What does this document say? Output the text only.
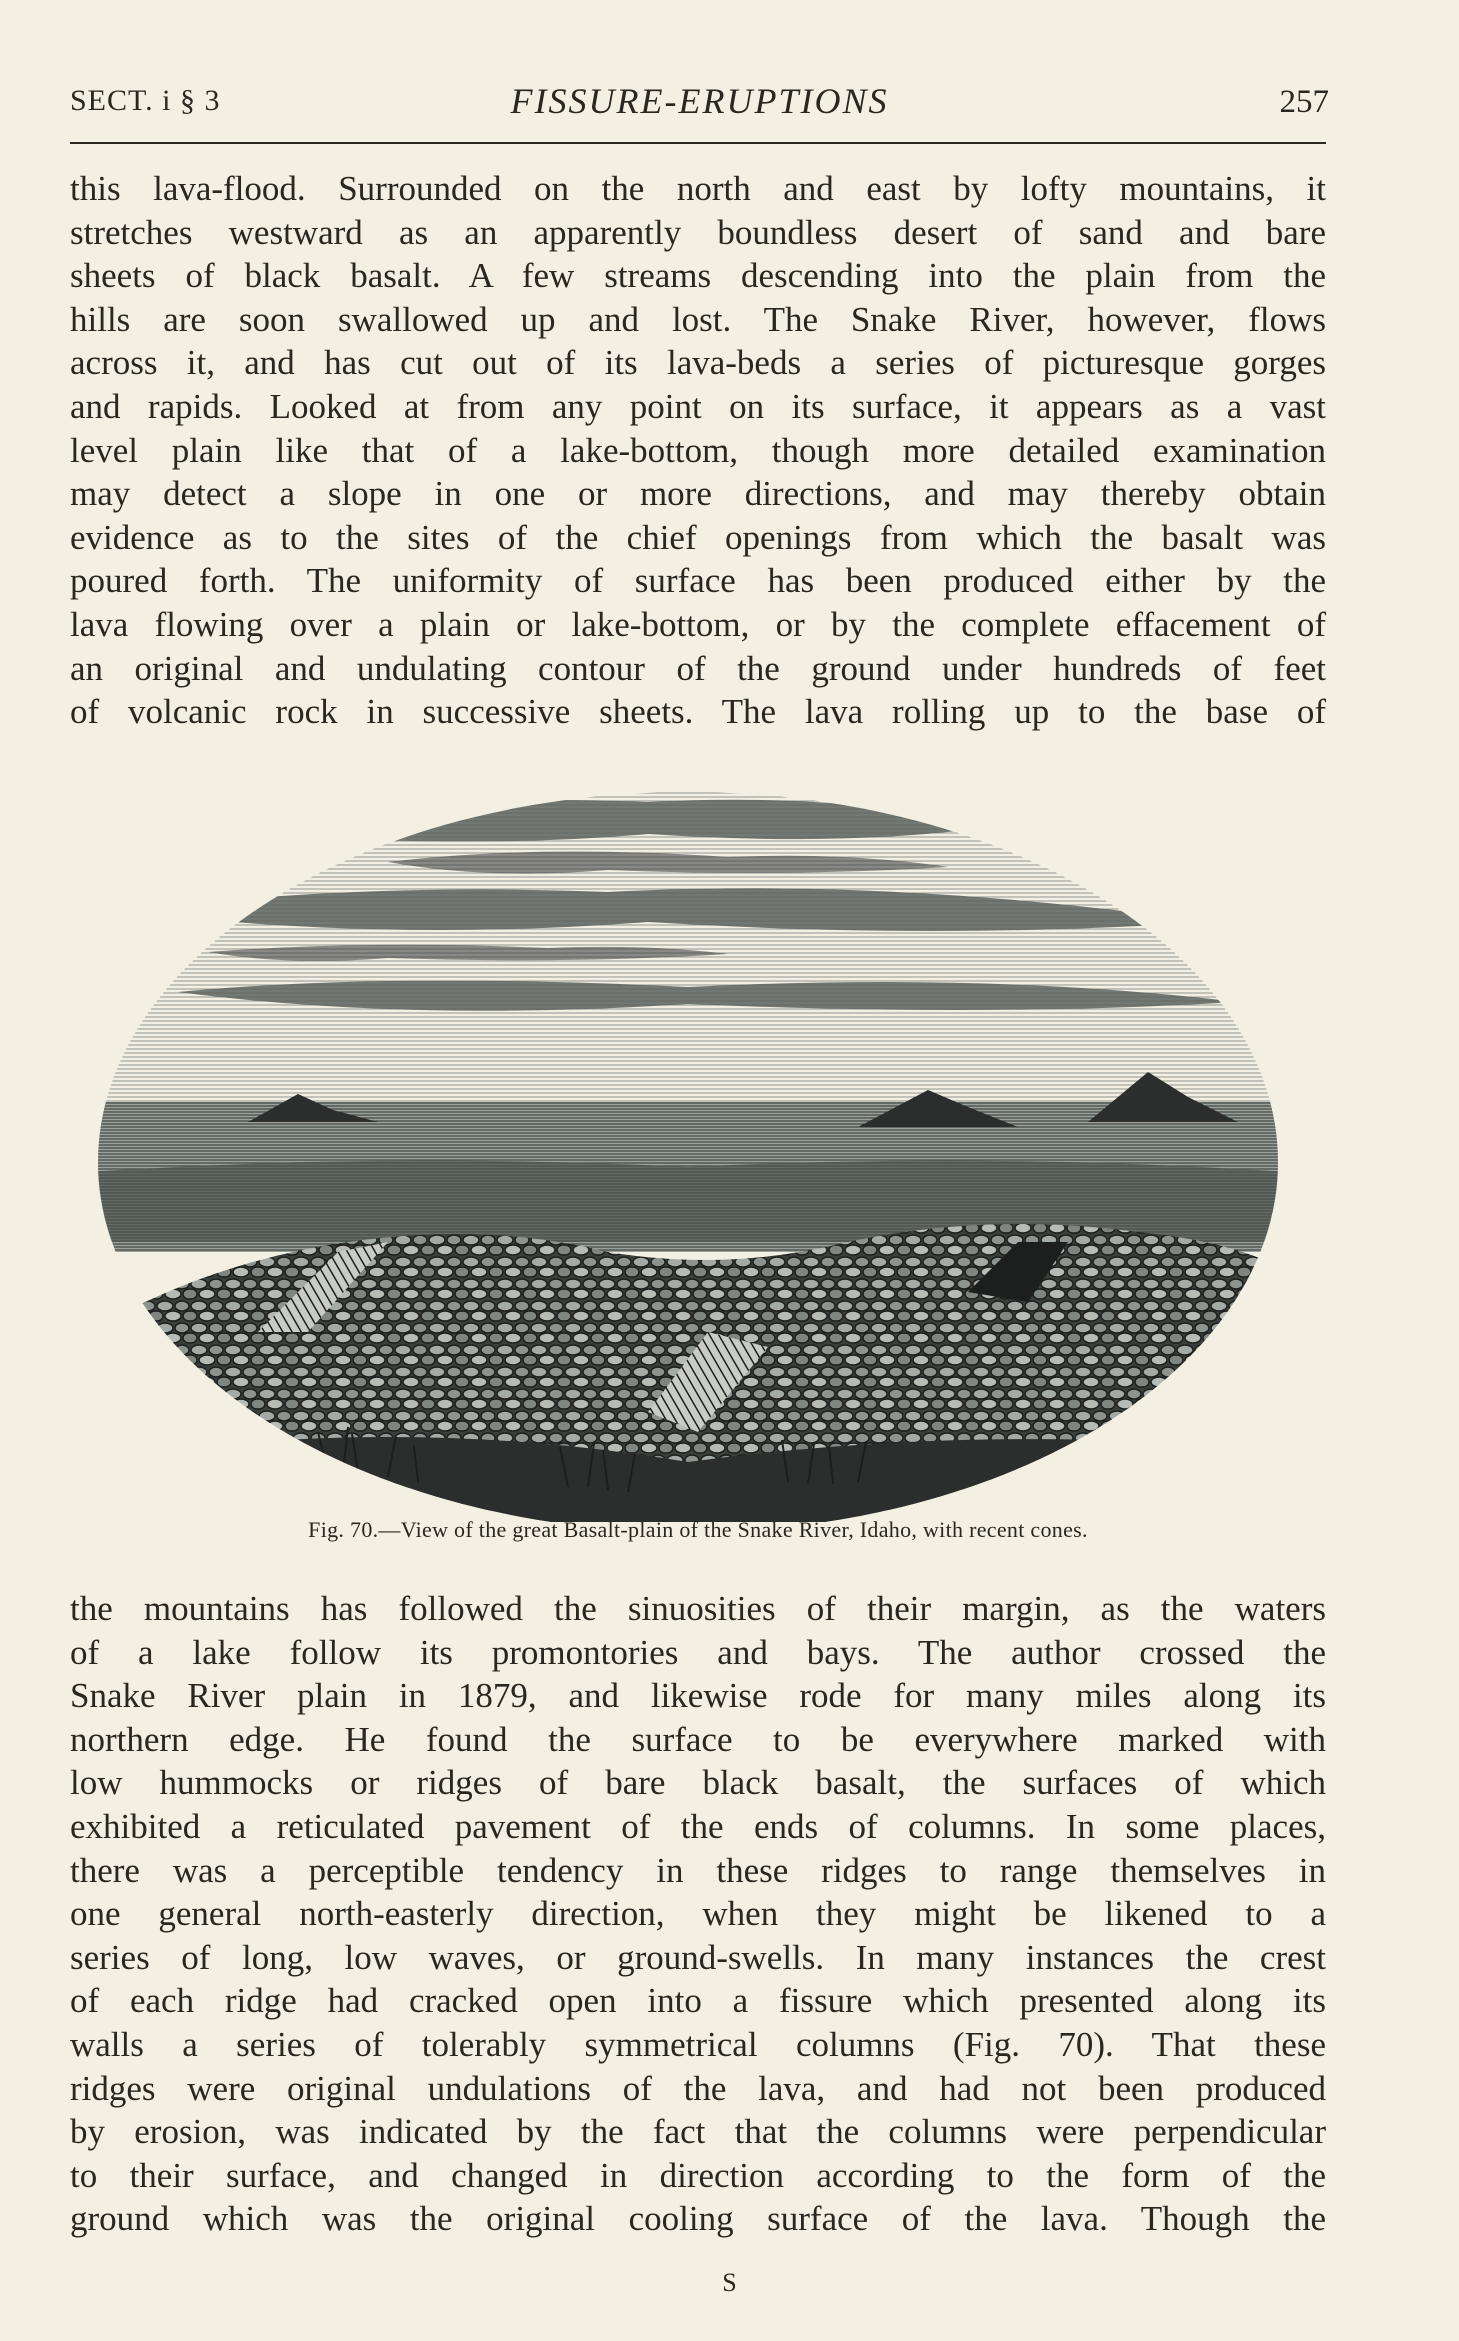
SECT. i § 3	FISSURE-ERUPTIONS	257
this lava-flood. Surrounded on the north and east by lofty mountains, it
stretches westward as an apparently boundless desert of sand and bare
sheets of black basalt. A few streams descending into the plain from the
hills are soon swallowed up and lost. The Snake River, however, flows
across it, and has cut out of its lava-beds a series of picturesque gorges
and rapids. Looked at from any point on its surface, it appears as a vast
level plain like that of a lake-bottom, though more detailed examination
may detect a slope in one or more directions, and may thereby obtain
evidence as to the sites of the chief openings from which the basalt was
poured forth. The uniformity of surface has been produced either by the
lava flowing over a plain or lake-bottom, or by the complete effacement of
an original and undulating contour of the ground under hundreds of feet
of volcanic rock in successive sheets. The lava rolling up to the base of
Fig. 70.—View of the great Basalt-plain of the Snake River, Idaho, with recent cones.
the mountains has followed the sinuosities of their margin, as the waters
of a lake follow its promontories and bays. The author crossed the
Snake River plain in 1879, and likewise rode for many miles along its
northern edge. He found the surface to be everywhere marked with
low hummocks or ridges of bare black basalt, the surfaces of which
exhibited a reticulated pavement of the ends of columns. In some places,
there was a perceptible tendency in these ridges to range themselves in
one general north-easterly direction, when they might be likened to a
series of long, low waves, or ground-swells. In many instances the crest
of each ridge had cracked open into a fissure which presented along its
walls a series of tolerably symmetrical columns (Fig. 70). That these
ridges were original undulations of the lava, and had not been produced
by erosion, was indicated by the fact that the columns were perpendicular
to their surface, and changed in direction according to the form of the
ground which was the original cooling surface of the lava. Though the
S
